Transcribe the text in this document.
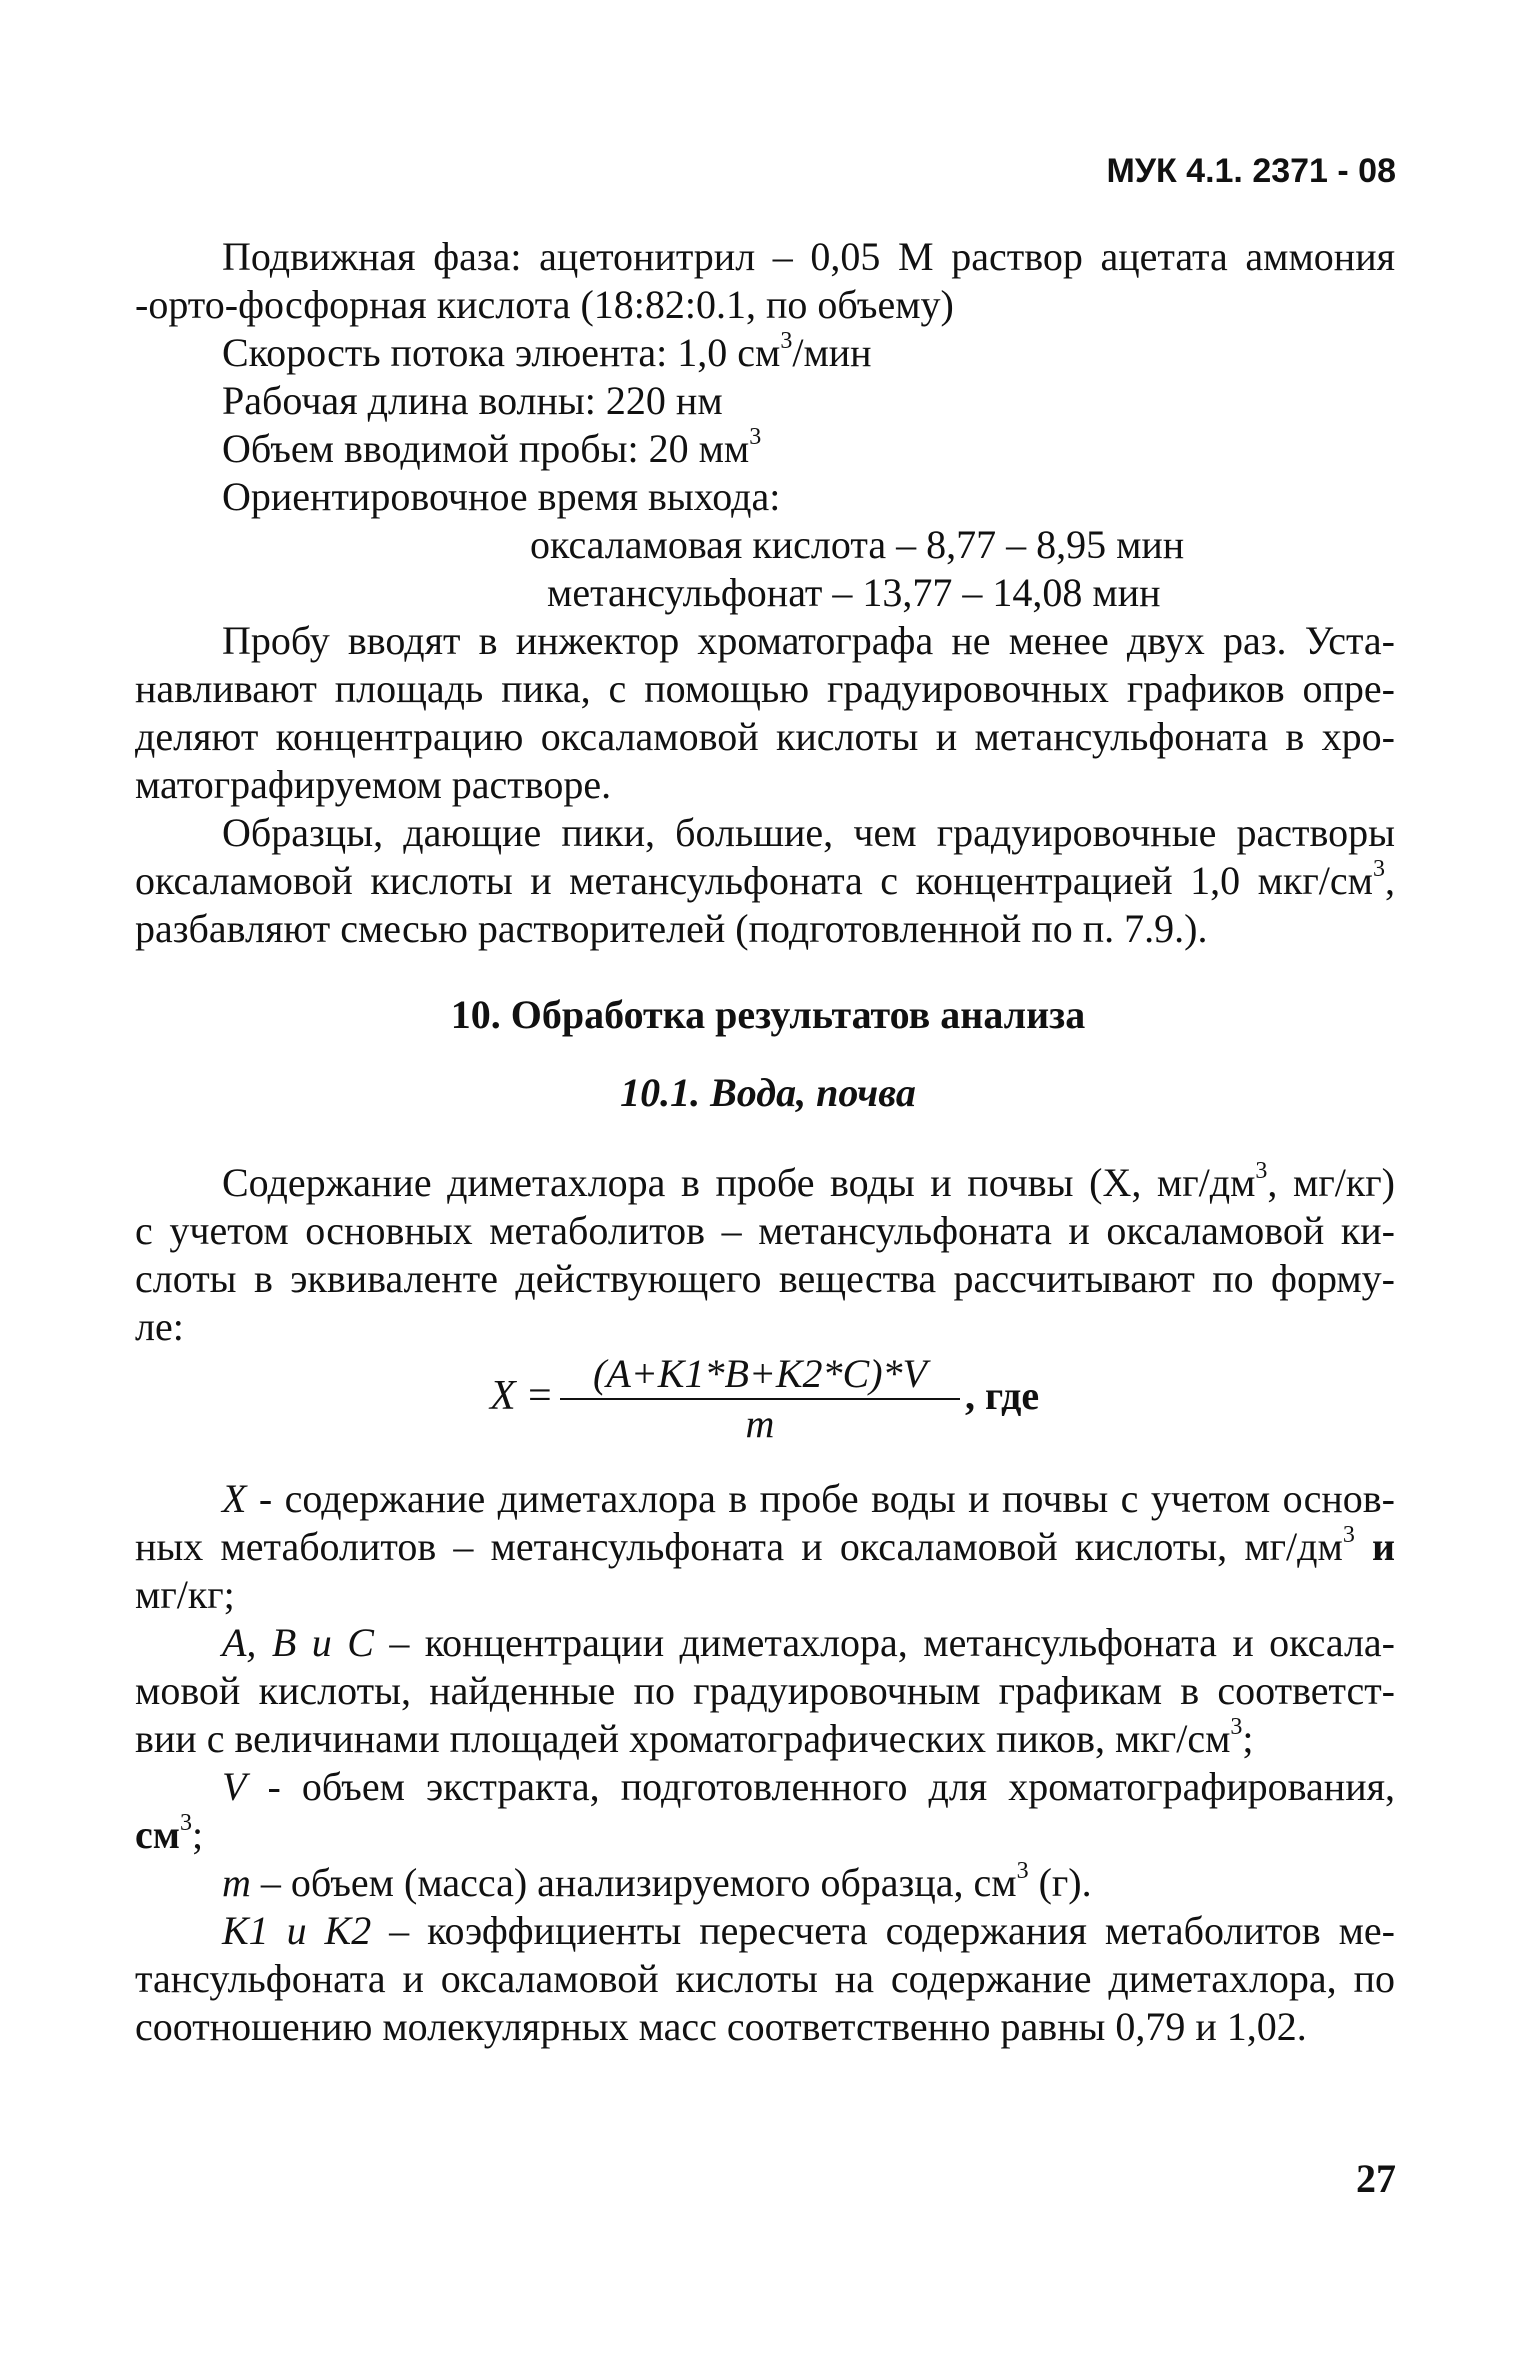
МУК 4.1. 2371 - 08
Подвижная фаза: ацетонитрил – 0,05 М раствор ацетата аммония
-орто-фосфорная кислота (18:82:0.1, по объему)
Скорость потока элюента: 1,0 $см^3$/мин
Рабочая длина волны: 220 нм
Объем вводимой пробы: 20 $мм^3$
Ориентировочное время выхода:
оксаламовая кислота – 8,77 – 8,95 мин
метансульфонат – 13,77 – 14,08 мин
Пробу вводят в инжектор хроматографа не менее двух раз. Уста-
навливают площадь пика, с помощью градуировочных графиков опре-
деляют концентрацию оксаламовой кислоты и метансульфоната в хро-
матографируемом растворе.
Образцы, дающие пики, большие, чем градуировочные растворы
оксаламовой кислоты и метансульфоната с концентрацией 1,0 мкг/$см^3$,
разбавляют смесью растворителей (подготовленной по п. 7.9.).
10. Обработка результатов анализа
10.1. Вода, почва
Содержание диметахлора в пробе воды и почвы (Х, $мг/дм^3$, мг/кг)
с учетом основных метаболитов – метансульфоната и оксаламовой ки-
слоты в эквиваленте действующего вещества рассчитывают по форму-
ле:
X =	(A+K1*B+K2*C)*V
m
, где
X - содержание диметахлора в пробе воды и почвы с учетом основ-
ных метаболитов – метансульфоната и оксаламовой кислоты, $мг/дм^3$ и
мг/кг;
A, B и C – концентрации диметахлора, метансульфоната и оксала-
мовой кислоты, найденные по градуировочным графикам в соответст-
вии с величинами площадей хроматографических пиков, мкг/$см^3$;
V - объем экстракта, подготовленного для хроматографирования,
$см^3$;
m – объем (масса) анализируемого образца, $см^3$ (г).
K1 и K2 – коэффициенты пересчета содержания метаболитов ме-
тансульфоната и оксаламовой кислоты на содержание диметахлора, по
соотношению молекулярных масс соответственно равны 0,79 и 1,02.
27
